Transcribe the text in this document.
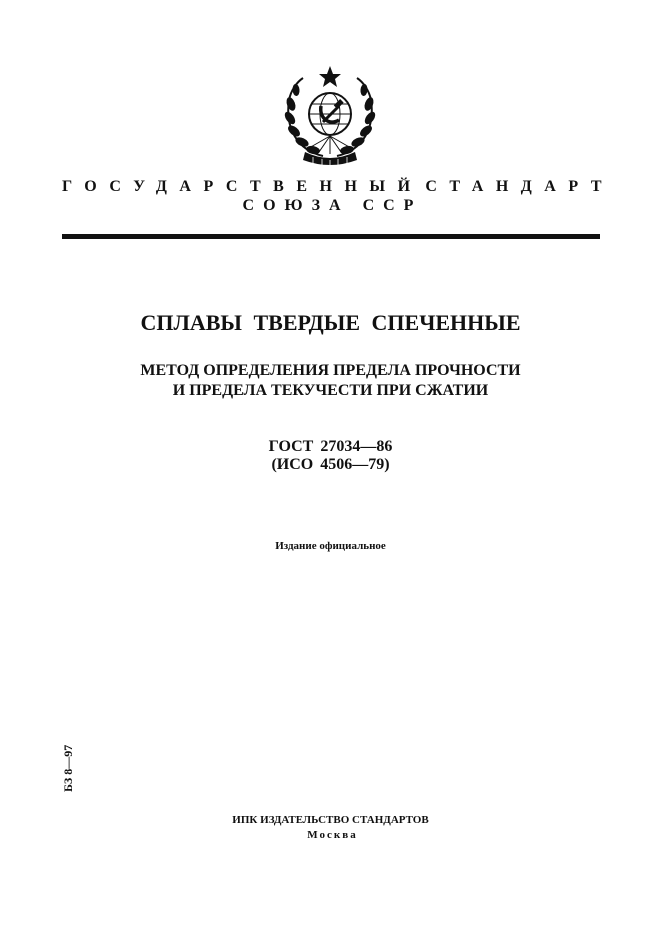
ГОСУДАРСТВЕННЫЙ СТАНДАРТ
СОЮЗА ССР
СПЛАВЫ ТВЕРДЫЕ СПЕЧЕННЫЕ
МЕТОД ОПРЕДЕЛЕНИЯ ПРЕДЕЛА ПРОЧНОСТИ
И ПРЕДЕЛА ТЕКУЧЕСТИ ПРИ СЖАТИИ
ГОСТ 27034—86
(ИСО 4506—79)
Издание официальное
БЗ 8—97
ИПК ИЗДАТЕЛЬСТВО СТАНДАРТОВ
Москва
